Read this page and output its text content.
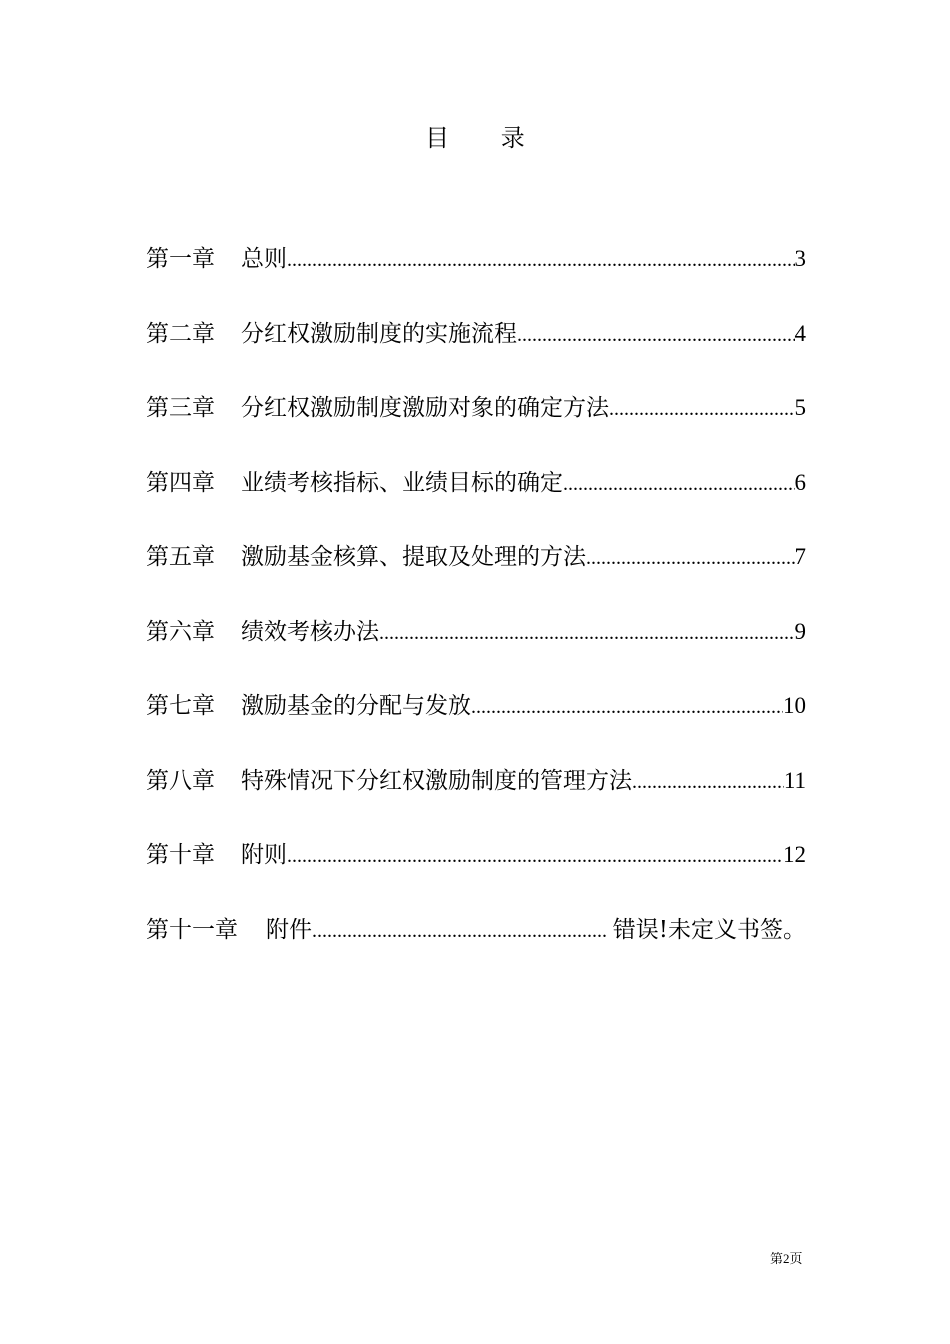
目 录
第一章 总则 .....	3
第二章 分红权激励制度的实施流程 .....	4
第三章 分红权激励制度激励对象的确定方法 .....	5
第四章 业绩考核指标、业绩目标的确定 .....	6
第五章 激励基金核算、提取及处理的方法 .....	7
第六章 绩效考核办法 .....	9
第七章 激励基金的分配与发放 .....	10
第八章 特殊情况下分红权激励制度的管理方法 .....	11
第十章 附则 .....	12
第十一章 附件 .....	错误!未定义书签。
第2页
